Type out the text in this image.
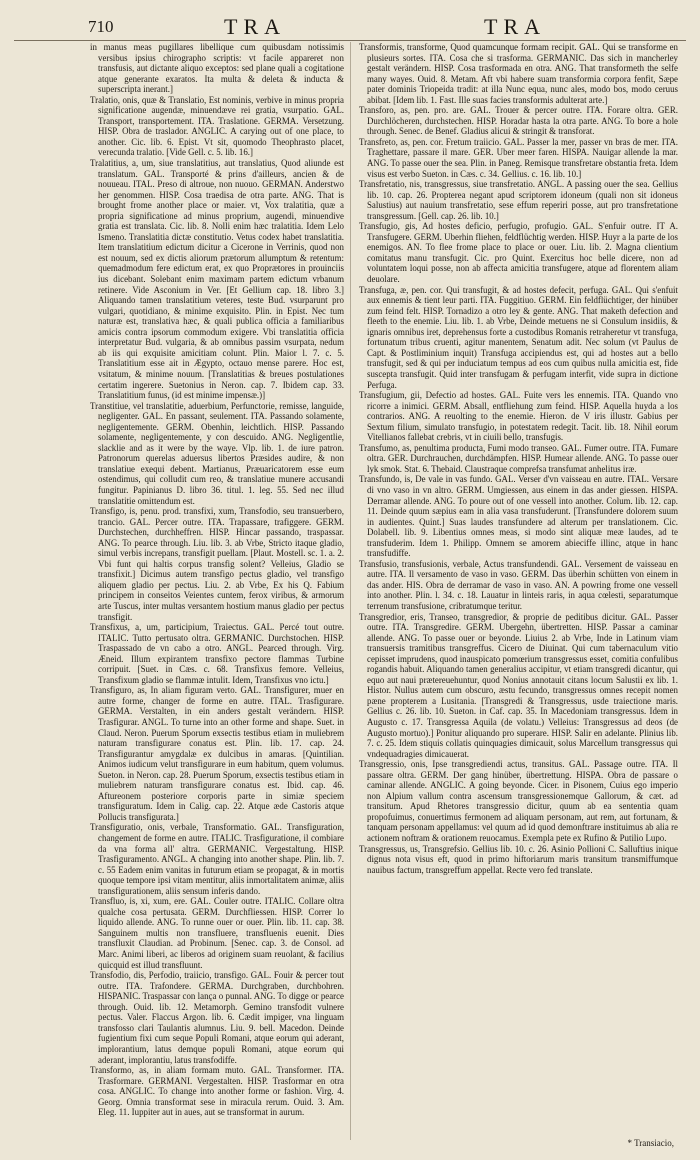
710	TRA	TRA

in manus meas pugillares libellique cum quibusdam notissimis versibus ipsius chirographo scriptis: vt facile appareret non transfusis, aut dictante aliquo exceptos: sed plane quali a cogitatione atque generante exaratos. Ita multa & deleta & inducta & superscripta inerant.]

Tralatio, onis, quæ & Translatio, Est nominis, verbive in minus propria significatione augendæ, minuendæve rei gratia, vsurpatio. GAL. Transport, transportement. ITA. Traslatione. GERMA. Versetzung. HISP. Obra de traslador. ANGLIC. A carying out of one place, to another. Cic. lib. 6. Epist. Vt sit, quomodo Theophrasto placet, verecunda tralatio. [Vide Gell. c. 5. lib. 16.]

Tralatitius, a, um, siue translatitius, aut translatius, Quod aliunde est translatum. GAL. Transporté & prins d'ailleurs, ancien & de nouueau. ITAL. Preso di altroue, non nuouo. GERMAN. Anderstwo her genommen. HISP. Cosa traedisa de otra parte. ANG. That is brought frome another place or maier. vt, Vox tralatitia, quæ a propria significatione ad minus proprium, augendi, minuendive gratia est translata. Cic. lib. 8. Nolli enim hæc tralatitia. Idem Lelo Ismeno. Translatitia dictæ constitutio. Vetus codex habet translatitia. Item translatitium edictum dicitur a Cicerone in Verrinis, quod non est nouum, sed ex dictis aliorum prætorum allumptum & retentum: quemadmodum fere edictum erat, ex quo Proprætores in prouinciis ius dicebant. Solebant enim maximam partem edictum vrbanum retinere. Vide Asconium in Ver. [Et Gellium cap. 18. libro 3.] Aliquando tamen translatitium veteres, teste Bud. vsurparunt pro vulgari, quotidiano, & minime exquisito. Plin. in Epist. Nec tum naturæ est, translativa hæc, & quali publica officia a familiaribus amicis contra ipsorum commodum exigere. Vbi translatitia officia interpretatur Bud. vulgaria, & ab omnibus passim vsurpata, nedum ab iis qui exquisite amicitiam colunt. Plin. Maior l. 7. c. 5. Translatitium esse ait in Ægypto, octauo mense parere. Hoc est, vsitatum, & minime nouum. [Translatitias & breues postulationes certatim ingerere. Suetonius in Neron. cap. 7. Ibidem cap. 33. Translatitium funus, (id est minime impensæ.)]

Transtitiue, vel translatitie, aduerbium, Perfunctorie, remisse, languide, negligenter. GAL. En passant, seulement. ITA. Passando solamente, negligentemente. GERM. Obenhin, leichtlich. HISP. Passando solamente, negligentemente, y con descuido. ANG. Negligentlie, slacklie and as it were by the waye. Vlp. lib. 1. de iure patron. Patronorum querelas aduersus libertos Præsides audire, & non translatiue exequi debent. Martianus, Præuaricatorem esse eum ostendimus, qui colludit cum reo, & translatiue munere accusandi fungitur. Papinianus D. libro 36. titul. 1. leg. 55. Sed nec illud translatitie omittendum est.

Transfigo, is, penu. prod. transfixi, xum, Transfodio, seu transuerbero, trancio. GAL. Percer outre. ITA. Trapassare, trafiggere. GERM. Durchstechen, durchheffren. HISP. Hincar passando, traspassar. ANG. To pearce through. Liu. lib. 3. ab Vrbe, Stricto itaque gladio, simul verbis increpans, transfigit puellam. [Plaut. Mostell. sc. 1. a. 2. Vbi funt qui haltis corpus transfig solent? Velleius, Gladio se transfixit.] Dicimus autem transfigo pectus gladio, vel transfigo aliquem gladio per pectus. Liu. 2. ab Vrbe, Ex his Q. Fabium principem in conseitos Veientes cuntem, ferox viribus, & armorum arte Tuscus, inter multas versantem hostium manus gladio per pectus transfigit.

Transfixus, a, um, participium, Traiectus. GAL. Percé tout outre. ITALIC. Tutto pertusato oltra. GERMANIC. Durchstochen. HISP. Traspassado de vn cabo a otro. ANGL. Pearced through. Virg. Æneid. Illum expirantem transfixo pectore flammas Turbine corripuit. [Suet. in Cæs. c. 68. Transfixus femore. Velleius, Transfixum gladio se flammæ intulit. Idem, Transfixus vno ictu.]

Transfiguro, as, In aliam figuram verto. GAL. Transfigurer, muer en autre forme, changer de forme en autre. ITAL. Trasfigurare. GERMA. Verstalten, in ein anders gestalt verändern. HISP. Trasfigurar. ANGL. To turne into an other forme and shape. Suet. in Claud. Neron. Puerum Sporum exsectis testibus etiam in muliebrem naturam transfigurare conatus est. Plin. lib. 17. cap. 24. Transfigurantur amygdalæ ex dulcibus in amaras. [Quintilian. Animos iudicum velut transfigurare in eum habitum, quem volumus. Sueton. in Neron. cap. 28. Puerum Sporum, exsectis testibus etiam in muliebrem naturam transfigurare conatus est. Ibid. cap. 46. Aftureonem posteriore corporis parte in simiæ speciem transfiguratum. Idem in Calig. cap. 22. Atque æde Castoris atque Pollucis transfigurata.]

Transfiguratio, onis, verbale, Transformatio. GAL. Transfiguration, changement de forme en autre. ITALIC. Trasfiguratione, il combiare da vna forma all' altra. GERMANIC. Vergestaltung. HISP. Trasfiguramento. ANGL. A changing into another shape. Plin. lib. 7. c. 55 Eadem enim vanitas in futurum etiam se propagat, & in mortis quoque tempore ipsi vitam mentitur, aliis inmortalitatem animæ, aliis transfigurationem, aliis sensum inferis dando.

Transfluo, is, xi, xum, ere. GAL. Couler outre. ITALIC. Collare oltra qualche cosa pertusata. GERM. Durchfliessen. HISP. Correr lo liquido allende. ANG. To runne ouer or ouer. Plin. lib. 11. cap. 38. Sanguinem multis non transfluere, transfluenis euenit. Dies transfluxit Claudian. ad Probinum. [Senec. cap. 3. de Consol. ad Marc. Animi liberi, ac liberos ad originem suam reuolant, & facilius quicquid est illud transfluunt.

Transfodio, dis, Perfodio, traiicio, transfigo. GAL. Fouir & percer tout outre. ITA. Trafondere. GERMA. Durchgraben, durchbohren. HISPANIC. Traspassar con lança o punnal. ANG. To digge or pearce through. Ouid. lib. 12. Metamorph. Gemino transfodit vulnere pectus. Valer. Flaccus Argon. lib. 6. Cædit impiger, vna linguam transfosso clari Taulantis alumnus. Liu. 9. bell. Macedon. Deinde fugientium fixi cum seque Populi Romani, atque eorum qui aderant, implorantium, latus demque populi Romani, atque eorum qui aderant, implorantiu, latus transfodiffe.

Transformo, as, in aliam formam muto. GAL. Transformer. ITA. Trasformare. GERMANI. Vergestalten. HISP. Trasformar en otra cosa. ANGLIC. To change into another forme or fashion. Virg. 4. Georg. Omnia transformat sese in miracula rerum. Ouid. 3. Am. Eleg. 11. Iuppiter aut in aues, aut se transformat in aurum.

Transformis, transforme, Quod quamcunque formam recipit. GAL. Qui se transforme en plusieurs sortes. ITA. Cosa che si trasforma. GERMANIC. Das sich in mancherley gestalt verändern. HISP. Cosa trasformada en otra. ANG. That transformeth the selfe many wayes. Ouid. 8. Metam. Aft vbi habere suam transformia corpora fenfit, Sæpe pater dominis Triopeida tradit: at illa Nunc equa, nunc ales, modo bos, modo ceruus abibat. [Idem lib. 1. Fast. Ille suas facies transformis adulterat arte.]

Transforo, as, pen. pro. are. GAL. Trouer & percer outre. ITA. Forare oltra. GER. Durchlöcheren, durchstechen. HISP. Horadar hasta la otra parte. ANG. To bore a hole through. Senec. de Benef. Gladius alicui & stringit & transforat.

Transfreto, as, pen. cor. Fretum traiicio. GAL. Passer la mer, passer vn bras de mer. ITA. Traghettare, passare il mare. GER. Uber meer faren. HISPA. Nauigar allende la mar. ANG. To passe ouer the sea. Plin. in Paneg. Remisque transfretare obstantia freta. Idem visus est verbo Sueton. in Cæs. c. 34. Gellius. c. 16. lib. 10.]

Transfretatio, nis, transgressus, siue transfretatio. ANGL. A passing ouer the sea. Gellius lib. 10. cap. 26. Propterea negant apud scriptorem idoneum (quali non sit idoneus Salustius) aut nauium transfretatio, sese effum reperiri posse, aut pro transfretatione transgressum. [Gell. cap. 26. lib. 10.]

Transfugio, gis, Ad hostes deficio, perfugio, profugio. GAL. S'enfuir outre. IT A. Transfugere. GERM. Uberhin fliehen, feldflüchtig werden. HISP. Huyr a la parte de los enemigos. AN. To flee frome place to place or ouer. Liu. lib. 2. Magna clientium comitatus manu transfugit. Cic. pro Quint. Exercitus hoc belle dicere, non ad voluntatem loqui posse, non ab affecta amicitia transfugere, atque ad florentem aliam deuolare.

Transfuga, æ, pen. cor. Qui transfugit, & ad hostes defecit, perfuga. GAL. Qui s'enfuit aux ennemis & tient leur parti. ITA. Fuggitiuo. GERM. Ein feldflüchtiger, der hinüber zum feind felt. HISP. Tornadizo a otro ley & gente. ANG. That maketh defection and fleeth to the enemie. Liu. lib. 1. ab Vrbe, Deinde metuens ne si Consulum insidiis, & ignaris omnibus iret, deprehensus forte a custodibus Romanis retraheretur vt transfuga, fortunatum tribus cruenti, agitur manentem, Senatum adit. Nec solum (vt Paulus de Capt. & Postliminium inquit) Transfuga accipiendus est, qui ad hostes aut a bello transfugit, sed & qui per induciatum tempus ad eos cum quibus nulla amicitia est, fide suscepta transfugit. Quid inter transfugam & perfugam interfit, vide supra in dictione Perfuga.

Transfugium, gii, Defectio ad hostes. GAL. Fuite vers les ennemis. ITA. Quando vno ricorre a inimici. GERM. Absall, entfliehung zum feind. HISP. Aquella huyda a los contrarios. ANG. A reuolting to the enemie. Hieron. de V iris illustr. Gabius per Sextum filium, simulato transfugio, in potestatem redegit. Tacit. lib. 18. Nihil eorum Vitellianos fallebat crebris, vt in ciuili bello, transfugis.

Transfumo, as, penultima producta, Fumi modo transeo. GAL. Fumer outre. ITA. Fumare oltra. GER. Durchrauchen, durchdämpfen. HISP. Humear allende. ANG. To passe ouer lyk smok. Stat. 6. Thebaid. Claustraque comprefsa transfumat anhelitus iræ.

Transfundo, is, De vale in vas fundo. GAL. Verser d'vn vaisseau en autre. ITAL. Versare di vno vaso in vn altro. GERM. Umgiessen, aus einem in das ander giessen. HISPA. Derramar allende. ANG. To poure out of one vessell into another. Colum. lib. 12. cap. 11. Deinde quum sæpius eam in alia vasa transfuderunt. [Transfundere dolorem suum in audientes. Quint.] Suas laudes transfundere ad alterum per translationem. Cic. Dolabell. lib. 9. Libentius omnes meas, si modo sint aliquæ meæ laudes, ad te transfuderim. Idem 1. Philipp. Omnem se amorem abieciffe illinc, atque in hanc transfudiffe.

Transfusio, transfusionis, verbale, Actus transfundendi. GAL. Versement de vaisseau en autre. ITA. Il versamento de vaso in vaso. GERM. Das überhin schütten von einem in das ander. HIS. Obra de derramar de vaso in vaso. AN. A powring frome one vessell into another. Plin. l. 34. c. 18. Lauatur in linteis raris, in aqua cœlesti, separatumque terrenum transfusione, cribratumque teritur.

Transgredior, eris, Transeo, transgredior, & proprie de peditibus dicitur. GAL. Passer outre. ITA. Transgredire. GERM. Ubergehn, übertretten. HISP. Passar a caminar allende. ANG. To passe ouer or beyonde. Liuius 2. ab Vrbe, Inde in Latinum viam transuersis tramitibus transgreffus. Cicero de Diuinat. Qui cum tabernaculum vitio cepisset imprudens, quod inauspicato pomœrium transgressus esset, comitia confulibus rogandis habuit. Aliquando tamen generalius accipitur, vt etiam transgredi dicantur, qui equo aut naui prætereuehuntur, quod Nonius annotauit citans locum Salustii ex lib. 1. Histor. Nullus autem cum obscuro, æstu fecundo, transgressus omnes recepit nomen pæne propterem a Lusitania. [Transgredi & Transgressus, usde traiectione maris. Gellius c. 26. lib. 10. Sueton. in Caf. cap. 35. In Macedoniam transgressus. Idem in Augusto c. 17. Transgressa Aquila (de volatu.) Velleius: Transgressus ad deos (de Augusto mortuo).] Ponitur aliquando pro superare. HISP. Salir en adelante. Plinius lib. 7. c. 25. Idem stiquis collatis quinquagies dimicauit, solus Marcellum transgressus qui vndequadragies dimicauerat.

Transgressio, onis, Ipse transgrediendi actus, transitus. GAL. Passage outre. ITA. Il passare oltra. GERM. Der gang hinüber, übertrettung. HISPA. Obra de passare o caminar allende. ANGLIC. A going beyonde. Cicer. in Pisonem, Cuius ego imperio non Alpium vallum contra ascensum transgressionemque Gallorum, & cæt. ad transitum. Apud Rhetores transgressio dicitur, quum ab ea sententia quam propofuimus, conuertimus fermonem ad aliquam personam, aut rem, aut fortunam, & tanquam personam appellamus: vel quum ad id quod demonftrare instituimus ab alia re actionem noftram & orationem reuocamus. Exempla pete ex Rufino & Putilio Lupo.

Transgressus, us, Transgrefsio. Gellius lib. 10. c. 26. Asinio Pollioni C. Salluftius inique dignus nota visus eft, quod in primo hiftoriarum maris transitum transmiffumque nauibus factum, transgreffum appellat. Recte vero fed translate.

* Transiacio,
